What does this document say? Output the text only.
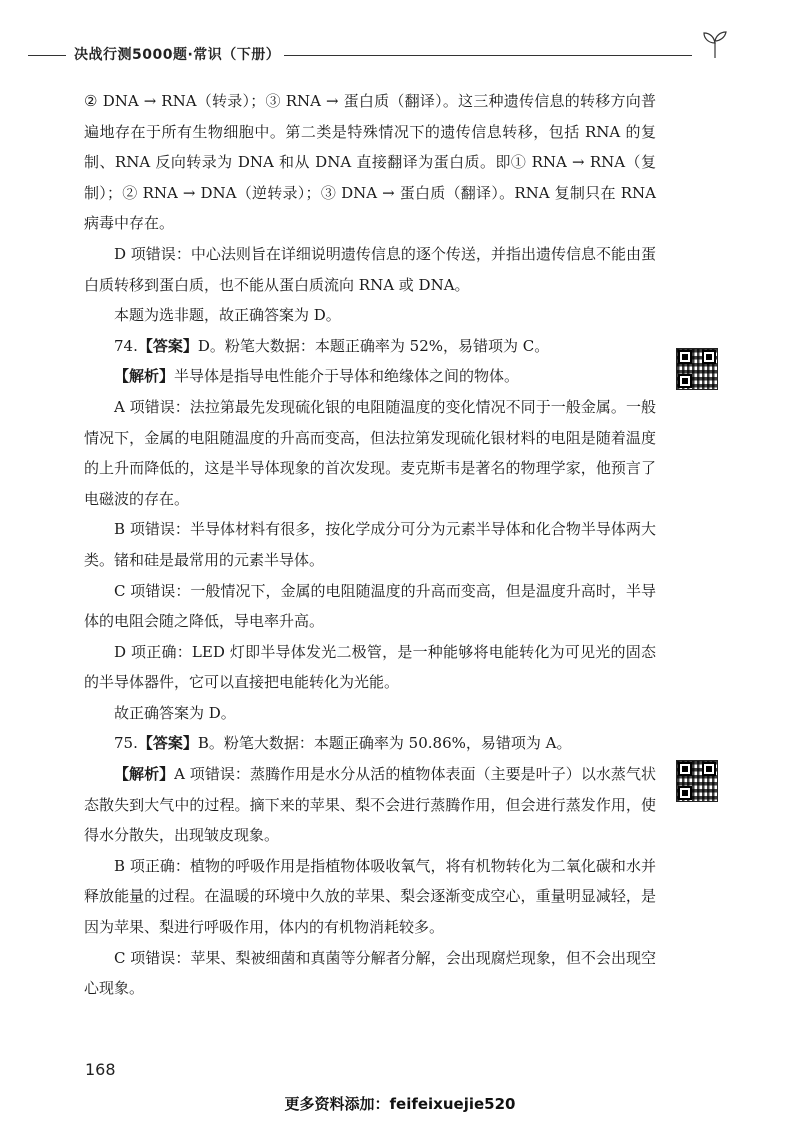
决战行测5000题·常识（下册）

② DNA → RNA（转录）；③ RNA → 蛋白质（翻译）。这三种遗传信息的转移方向普遍地存在于所有生物细胞中。第二类是特殊情况下的遗传信息转移，包括 RNA 的复制、RNA 反向转录为 DNA 和从 DNA 直接翻译为蛋白质。即① RNA → RNA（复制）；② RNA → DNA（逆转录）；③ DNA → 蛋白质（翻译）。RNA 复制只在 RNA 病毒中存在。

D 项错误：中心法则旨在详细说明遗传信息的逐个传送，并指出遗传信息不能由蛋白质转移到蛋白质，也不能从蛋白质流向 RNA 或 DNA。

本题为选非题，故正确答案为 D。

74.【答案】D。粉笔大数据：本题正确率为 52%，易错项为 C。

【解析】半导体是指导电性能介于导体和绝缘体之间的物体。

A 项错误：法拉第最先发现硫化银的电阻随温度的变化情况不同于一般金属。一般情况下，金属的电阻随温度的升高而变高，但法拉第发现硫化银材料的电阻是随着温度的上升而降低的，这是半导体现象的首次发现。麦克斯韦是著名的物理学家，他预言了电磁波的存在。

B 项错误：半导体材料有很多，按化学成分可分为元素半导体和化合物半导体两大类。锗和硅是最常用的元素半导体。

C 项错误：一般情况下，金属的电阻随温度的升高而变高，但是温度升高时，半导体的电阻会随之降低，导电率升高。

D 项正确：LED 灯即半导体发光二极管，是一种能够将电能转化为可见光的固态的半导体器件，它可以直接把电能转化为光能。

故正确答案为 D。

75.【答案】B。粉笔大数据：本题正确率为 50.86%，易错项为 A。

【解析】A 项错误：蒸腾作用是水分从活的植物体表面（主要是叶子）以水蒸气状态散失到大气中的过程。摘下来的苹果、梨不会进行蒸腾作用，但会进行蒸发作用，使得水分散失，出现皱皮现象。

B 项正确：植物的呼吸作用是指植物体吸收氧气，将有机物转化为二氧化碳和水并释放能量的过程。在温暖的环境中久放的苹果、梨会逐渐变成空心，重量明显减轻，是因为苹果、梨进行呼吸作用，体内的有机物消耗较多。

C 项错误：苹果、梨被细菌和真菌等分解者分解，会出现腐烂现象，但不会出现空心现象。

168
更多资料添加：feifeixuejie520
